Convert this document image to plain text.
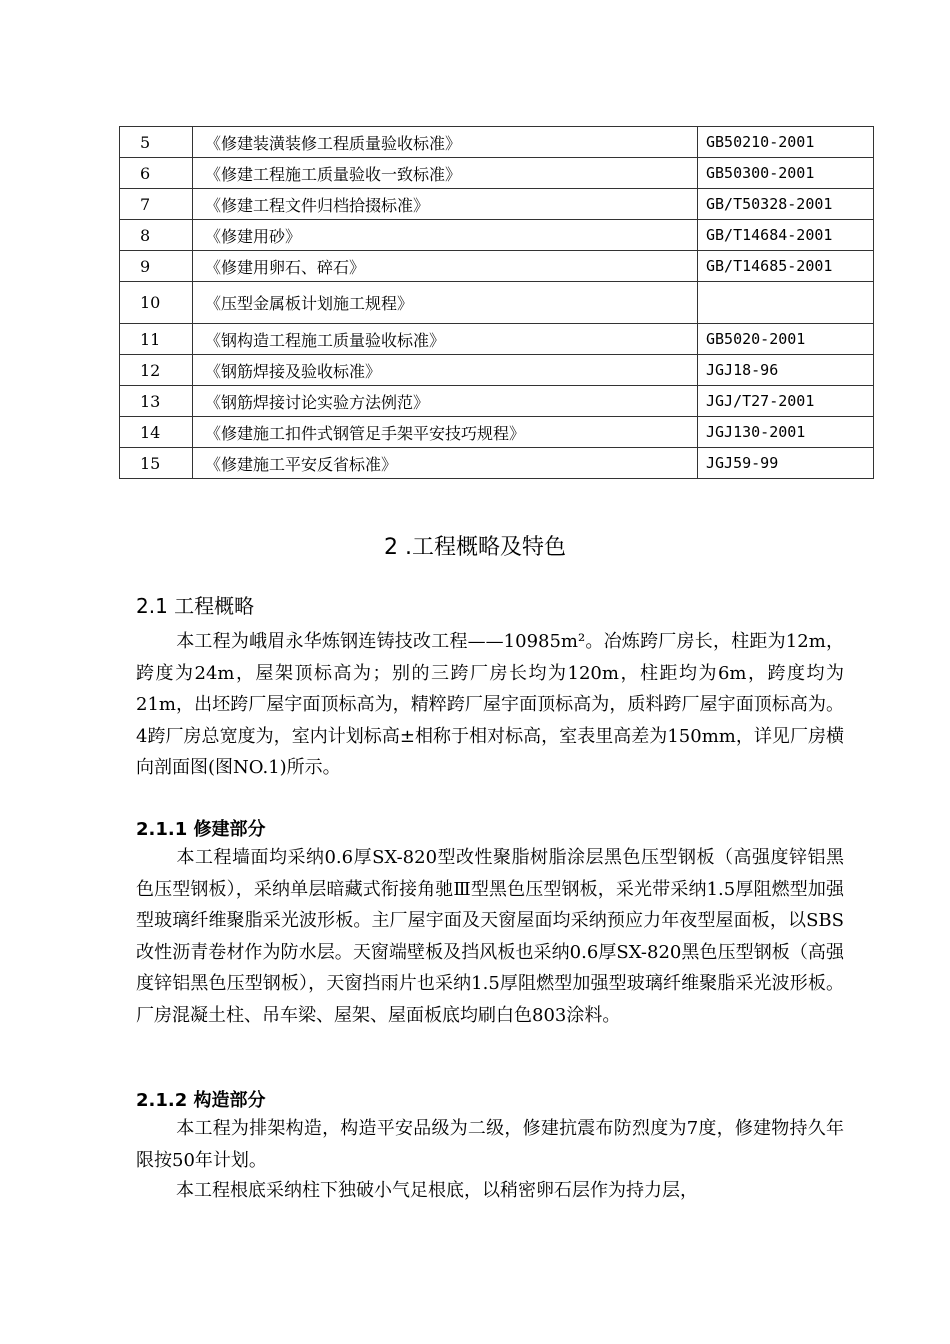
5	《修建装潢装修工程质量验收标准》	GB50210-2001
6	《修建工程施工质量验收一致标准》	GB50300-2001
7	《修建工程文件归档拾掇标准》	GB/T50328-2001
8	《修建用砂》	GB/T14684-2001
9	《修建用卵石、碎石》	GB/T14685-2001
10	《压型金属板计划施工规程》	
11	《钢构造工程施工质量验收标准》	GB5020-2001
12	《钢筋焊接及验收标准》	JGJ18-96
13	《钢筋焊接讨论实验方法例范》	JGJ/T27-2001
14	《修建施工扣件式钢管足手架平安技巧规程》	JGJ130-2001
15	《修建施工平安反省标准》	JGJ59-99
2 .工程概略及特色
2.1 工程概略
本工程为峨眉永华炼钢连铸技改工程——10985m²。冶炼跨厂房长，柱距为12m，跨度为24m，屋架顶标高为；别的三跨厂房长均为120m，柱距均为6m，跨度均为21m，出坯跨厂屋宇面顶标高为，精粹跨厂屋宇面顶标高为，质料跨厂屋宇面顶标高为。4跨厂房总宽度为，室内计划标高±相称于相对标高，室表里高差为150mm，详见厂房横向剖面图(图NO.1)所示。
2.1.1 修建部分
本工程墙面均采纳0.6厚SX-820型改性聚脂树脂涂层黑色压型钢板（高强度锌铝黑色压型钢板），采纳单层暗藏式衔接角驰Ⅲ型黑色压型钢板，采光带采纳1.5厚阻燃型加强型玻璃纤维聚脂采光波形板。主厂屋宇面及天窗屋面均采纳预应力年夜型屋面板，以SBS改性沥青卷材作为防水层。天窗端壁板及挡风板也采纳0.6厚SX-820黑色压型钢板（高强度锌铝黑色压型钢板），天窗挡雨片也采纳1.5厚阻燃型加强型玻璃纤维聚脂采光波形板。厂房混凝土柱、吊车梁、屋架、屋面板底均刷白色803涂料。
2.1.2 构造部分
本工程为排架构造，构造平安品级为二级，修建抗震布防烈度为7度，修建物持久年限按50年计划。
本工程根底采纳柱下独破小气足根底，以稍密卵石层作为持力层，
